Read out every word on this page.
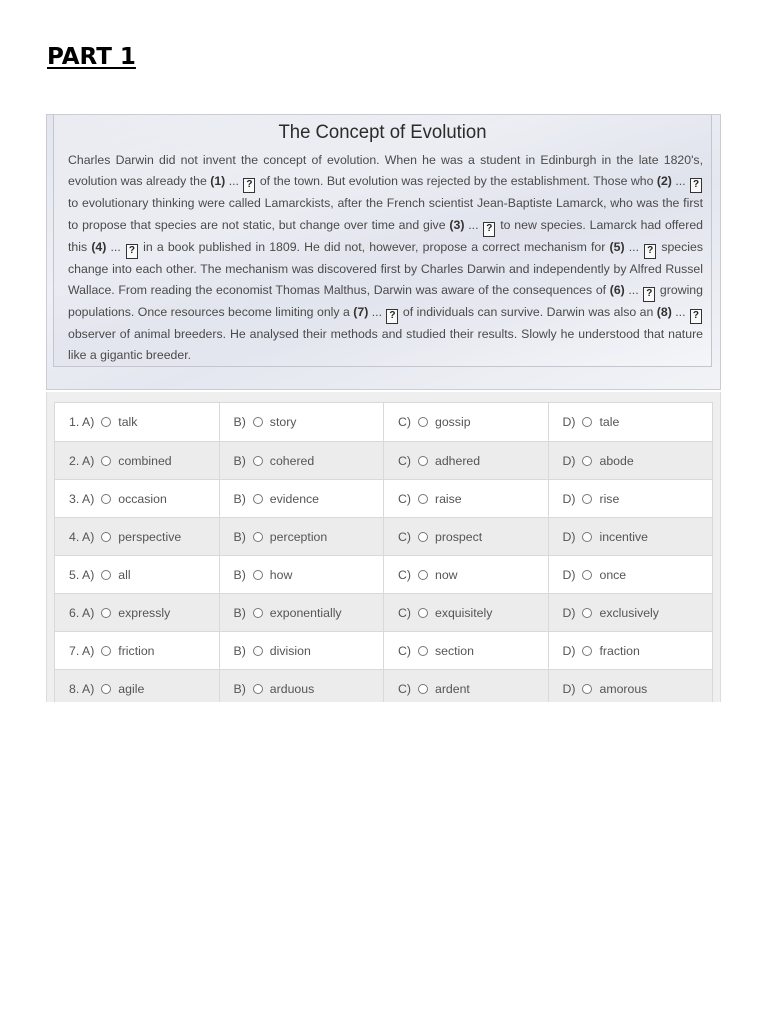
PART 1
The Concept of Evolution

Charles Darwin did not invent the concept of evolution. When he was a student in Edinburgh in the late 1820's, evolution was already the (1) ... ? of the town. But evolution was rejected by the establishment. Those who (2) ... ? to evolutionary thinking were called Lamarckists, after the French scientist Jean-Baptiste Lamarck, who was the first to propose that species are not static, but change over time and give (3) ... ? to new species. Lamarck had offered this (4) ... ? in a book published in 1809. He did not, however, propose a correct mechanism for (5) ... ? species change into each other. The mechanism was discovered first by Charles Darwin and independently by Alfred Russel Wallace. From reading the economist Thomas Malthus, Darwin was aware of the consequences of (6) ... ? growing populations. Once resources become limiting only a (7) ... ? of individuals can survive. Darwin was also an (8) ... ? observer of animal breeders. He analysed their methods and studied their results. Slowly he understood that nature like a gigantic breeder.

1. A) talk	B) story	C) gossip	D) tale
2. A) combined	B) cohered	C) adhered	D) abode
3. A) occasion	B) evidence	C) raise	D) rise
4. A) perspective	B) perception	C) prospect	D) incentive
5. A) all	B) how	C) now	D) once
6. A) expressly	B) exponentially	C) exquisitely	D) exclusively
7. A) friction	B) division	C) section	D) fraction
8. A) agile	B) arduous	C) ardent	D) amorous
